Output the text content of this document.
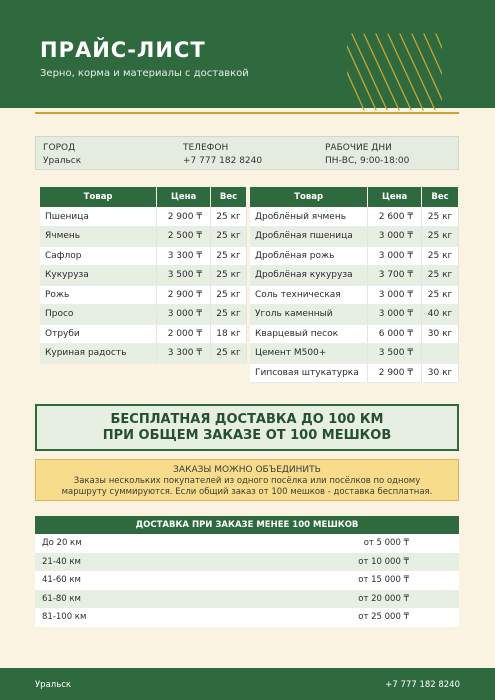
ПРАЙС-ЛИСТ
Зерно, корма и материалы с доставкой
ГОРОД
Уральск
ТЕЛЕФОН
+7 777 182 8240
РАБОЧИЕ ДНИ
ПН-ВС, 9:00-18:00
Товар	Цена	Вес
Пшеница	2 900 ₸	25 кг
Ячмень	2 500 ₸	25 кг
Сафлор	3 300 ₸	25 кг
Кукуруза	3 500 ₸	25 кг
Рожь	2 900 ₸	25 кг
Просо	3 000 ₸	25 кг
Отруби	2 000 ₸	18 кг
Куриная радость	3 300 ₸	25 кг

Товар	Цена	Вес
Дроблёный ячмень	2 600 ₸	25 кг
Дроблёная пшеница	3 000 ₸	25 кг
Дроблёная рожь	3 000 ₸	25 кг
Дроблёная кукуруза	3 700 ₸	25 кг
Соль техническая	3 000 ₸	25 кг
Уголь каменный	3 000 ₸	40 кг
Кварцевый песок	6 000 ₸	30 кг
Цемент М500+	3 500 ₸	
Гипсовая штукатурка	2 900 ₸	30 кг
БЕСПЛАТНАЯ ДОСТАВКА ДО 100 КМ
ПРИ ОБЩЕМ ЗАКАЗЕ ОТ 100 МЕШКОВ
ЗАКАЗЫ МОЖНО ОБЪЕДИНИТЬ
Заказы нескольких покупателей из одного посёлка или посёлков по одному маршруту суммируются. Если общий заказ от 100 мешков - доставка бесплатная.
ДОСТАВКА ПРИ ЗАКАЗЕ МЕНЕЕ 100 МЕШКОВ	
До 20 км	от 5 000 ₸
21-40 км	от 10 000 ₸
41-60 км	от 15 000 ₸
61-80 км	от 20 000 ₸
81-100 км	от 25 000 ₸
Уральск	+7 777 182 8240
